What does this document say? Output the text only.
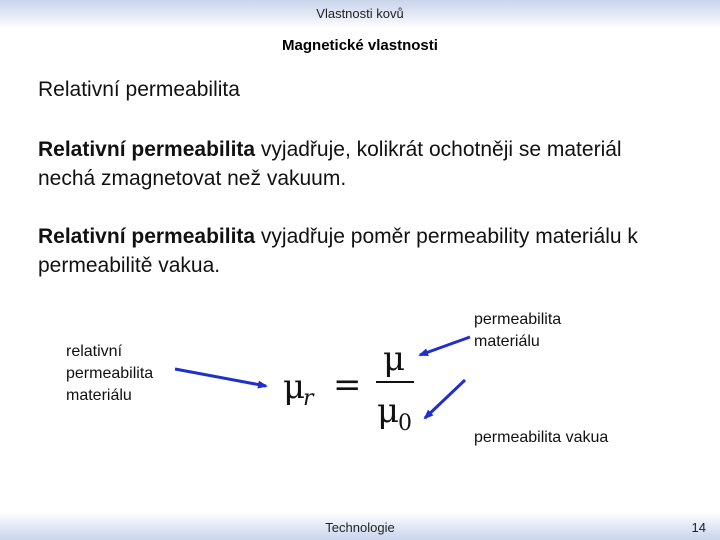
Vlastnosti kovů
Magnetické vlastnosti
Relativní permeabilita
Relativní permeabilita vyjadřuje, kolikrát ochotněji se materiál nechá zmagnetovat než vakuum.
Relativní permeabilita vyjadřuje poměr permeability materiálu k permeabilitě vakua.
relativní permeabilita materiálu
permeabilita materiálu
permeabilita vakua
μ
r =
μ
μ
0
Technologie	14
